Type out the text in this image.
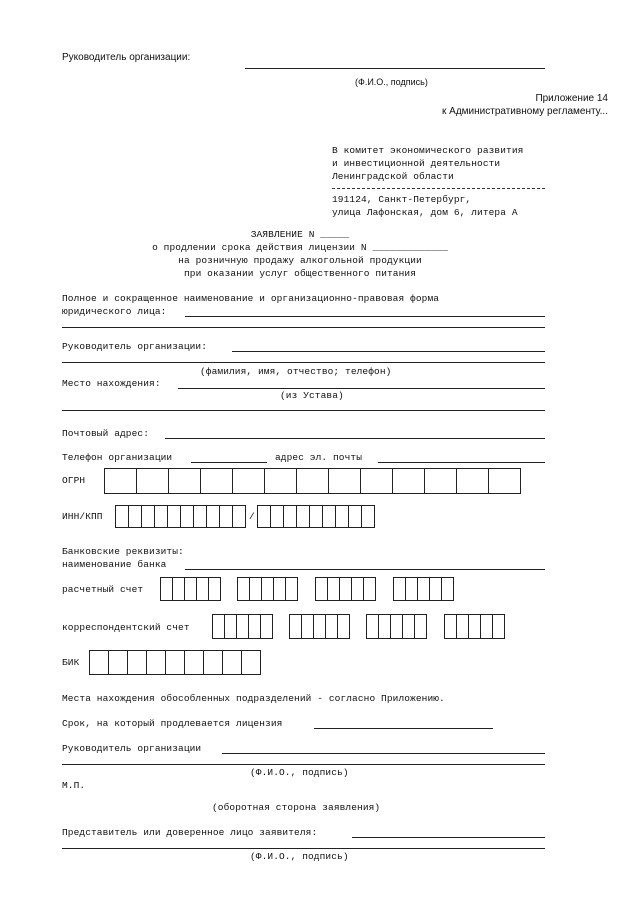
Руководитель организации:
(Ф.И.О., подпись)
Приложение 14
к Административному регламенту...
В комитет экономического развития
и инвестиционной деятельности
Ленинградской области
191124, Санкт-Петербург,
улица Лафонская, дом 6, литера А
ЗАЯВЛЕНИЕ N _____
о продлении срока действия лицензии N _____________
на розничную продажу алкогольной продукции
при оказании услуг общественного питания
Полное и сокращенное наименование и организационно-правовая форма
юридического лица:
Руководитель организации:
(фамилия, имя, отчество; телефон)
Место нахождения:
(из Устава)
Почтовый адрес:
Телефон организации	адрес эл. почты
ОГРН
ИНН/КПП	/
Банковские реквизиты:
наименование банка
расчетный счет
корреспондентский счет
БИК
Места нахождения обособленных подразделений - согласно Приложению.
Срок, на который продлевается лицензия
Руководитель организации
(Ф.И.О., подпись)
М.П.
(оборотная сторона заявления)
Представитель или доверенное лицо заявителя:
(Ф.И.О., подпись)
